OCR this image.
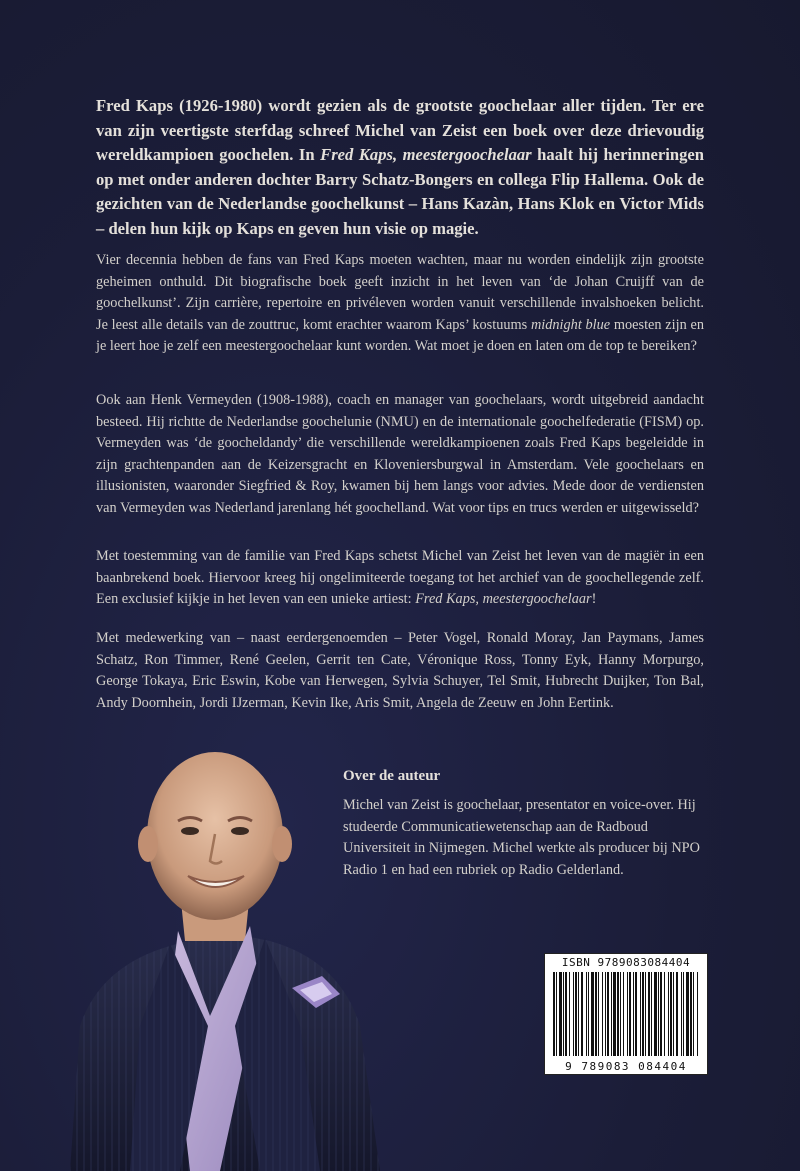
Fred Kaps (1926-1980) wordt gezien als de grootste goochelaar aller tijden. Ter ere van zijn veertigste sterfdag schreef Michel van Zeist een boek over deze drievoudig wereldkampioen goochelen. In Fred Kaps, meestergoochelaar haalt hij herinneringen op met onder anderen dochter Barry Schatz-Bongers en collega Flip Hallema. Ook de gezichten van de Nederlandse goochelkunst – Hans Kazàn, Hans Klok en Victor Mids – delen hun kijk op Kaps en geven hun visie op magie.

Vier decennia hebben de fans van Fred Kaps moeten wachten, maar nu worden eindelijk zijn grootste geheimen onthuld. Dit biografische boek geeft inzicht in het leven van ‘de Johan Cruijff van de goochelkunst’. Zijn carrière, repertoire en privéleven worden vanuit verschillende invalshoeken belicht. Je leest alle details van de zouttruc, komt erachter waarom Kaps’ kostuums midnight blue moesten zijn en je leert hoe je zelf een meestergoochelaar kunt worden. Wat moet je doen en laten om de top te bereiken?

Ook aan Henk Vermeyden (1908-1988), coach en manager van goochelaars, wordt uitgebreid aandacht besteed. Hij richtte de Nederlandse goochelunie (NMU) en de internationale goochelfederatie (FISM) op. Vermeyden was ‘de goocheldandy’ die verschillende wereldkampioenen zoals Fred Kaps begeleidde in zijn grachtenpanden aan de Keizersgracht en Kloveniersburgwal in Amsterdam. Vele goochelaars en illusionisten, waaronder Siegfried & Roy, kwamen bij hem langs voor advies. Mede door de verdiensten van Vermeyden was Nederland jarenlang hét goochelland. Wat voor tips en trucs werden er uitgewisseld?

Met toestemming van de familie van Fred Kaps schetst Michel van Zeist het leven van de magiër in een baanbrekend boek. Hiervoor kreeg hij ongelimiteerde toegang tot het archief van de goochellegende zelf. Een exclusief kijkje in het leven van een unieke artiest: Fred Kaps, meestergoochelaar!

Met medewerking van – naast eerdergenoemden – Peter Vogel, Ronald Moray, Jan Paymans, James Schatz, Ron Timmer, René Geelen, Gerrit ten Cate, Véronique Ross, Tonny Eyk, Hanny Morpurgo, George Tokaya, Eric Eswin, Kobe van Herwegen, Sylvia Schuyer, Tel Smit, Hubrecht Duijker, Ton Bal, Andy Doornhein, Jordi IJzerman, Kevin Ike, Aris Smit, Angela de Zeeuw en John Eertink.

Over de auteur

Michel van Zeist is goochelaar, presentator en voice-over. Hij studeerde Communicatiewetenschap aan de Radboud Universiteit in Nijmegen. Michel werkte als producer bij NPO Radio 1 en had een rubriek op Radio Gelderland.

ISBN 9789083084404
9 789083 084404
